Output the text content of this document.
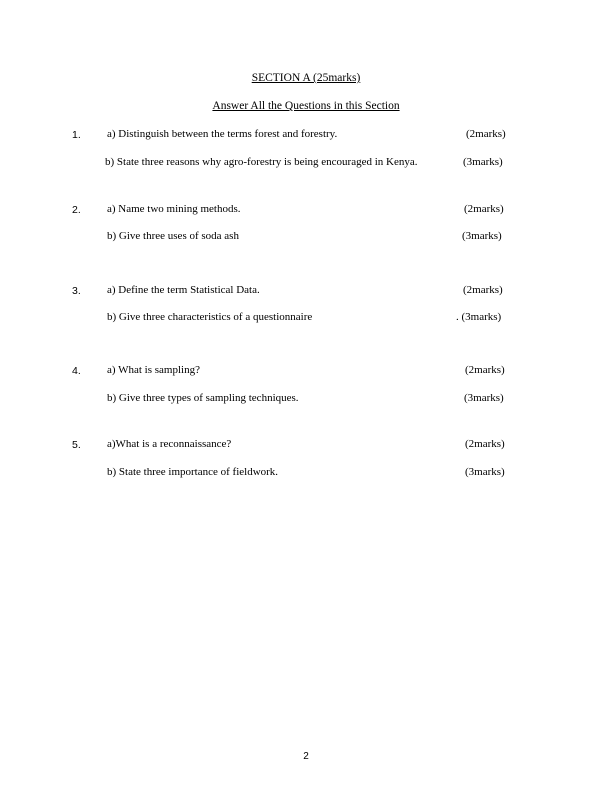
SECTION A (25marks)
Answer All the Questions in this Section
1. a) Distinguish between the terms forest and forestry.	(2marks)
b) State three reasons why agro-forestry is being encouraged in Kenya.	(3marks)
2. a) Name two mining methods.	(2marks)
b) Give three uses of soda ash	(3marks)
3. a) Define the term Statistical Data.	(2marks)
b) Give three characteristics of a questionnaire	. (3marks)
4. a) What is sampling?	(2marks)
b) Give three types of sampling techniques.	(3marks)
5. a)What is a reconnaissance?	(2marks)
b) State three importance of fieldwork.	(3marks)
2
